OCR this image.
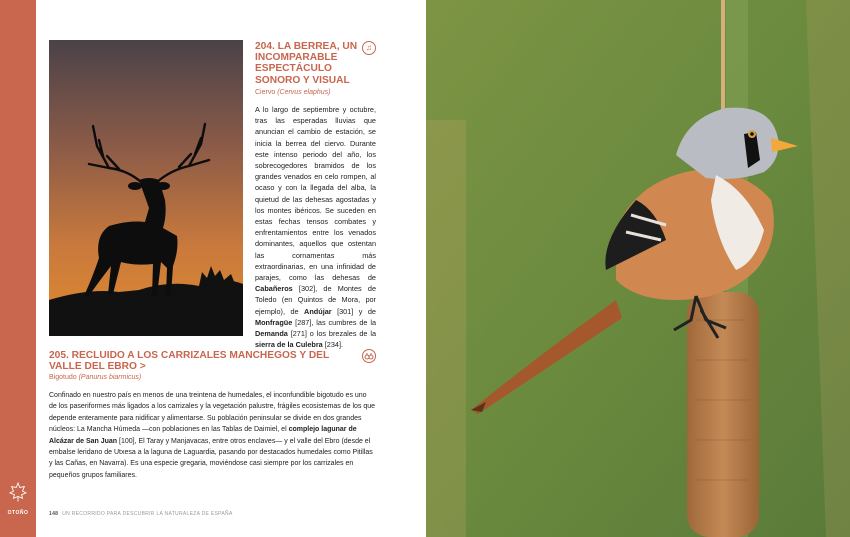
OTOÑO
204. LA BERREA, UN INCOMPARABLE ESPECTÁCULO SONORO Y VISUAL
♫
Ciervo (Cervus elaphus)

A lo largo de septiembre y octubre, tras las esperadas lluvias que anuncian el cambio de estación, se inicia la berrea del ciervo. Durante este intenso periodo del año, los sobrecogedores bramidos de los grandes venados en celo rompen, al ocaso y con la llegada del alba, la quietud de las dehesas agostadas y los montes ibéricos. Se suceden en estas fechas tensos combates y enfrentamientos entre los venados dominantes, aquellos que ostentan las cornamentas más extraordinarias, en una infinidad de parajes, como las dehesas de Cabañeros [302], de Montes de Toledo (en Quintos de Mora, por ejemplo), de Andújar [301] y de Monfragüe [287], las cumbres de la Demanda [271] o los brezales de la sierra de la Culebra [234].

205. RECLUIDO A LOS CARRIZALES MANCHEGOS Y DEL VALLE DEL EBRO >
Bigotudo (Panurus biarmicus)

Confinado en nuestro país en menos de una treintena de humedales, el inconfundible bigotudo es uno de los paseriformes más ligados a los carrizales y la vegetación palustre, frágiles ecosistemas de los que depende enteramente para nidificar y alimentarse. Su población peninsular se divide en dos grandes núcleos: La Mancha Húmeda —con poblaciones en las Tablas de Daimiel, el complejo lagunar de Alcázar de San Juan [100], El Taray y Manjavacas, entre otros enclaves— y el valle del Ebro (desde el embalse leridano de Utxesa a la laguna de Laguardia, pasando por destacados humedales como Pitillas y las Cañas, en Navarra). Es una especie gregaria, moviéndose casi siempre por los carrizales en pequeños grupos familiares.

148 UN RECORRIDO PARA DESCUBRIR LA NATURALEZA DE ESPAÑA
